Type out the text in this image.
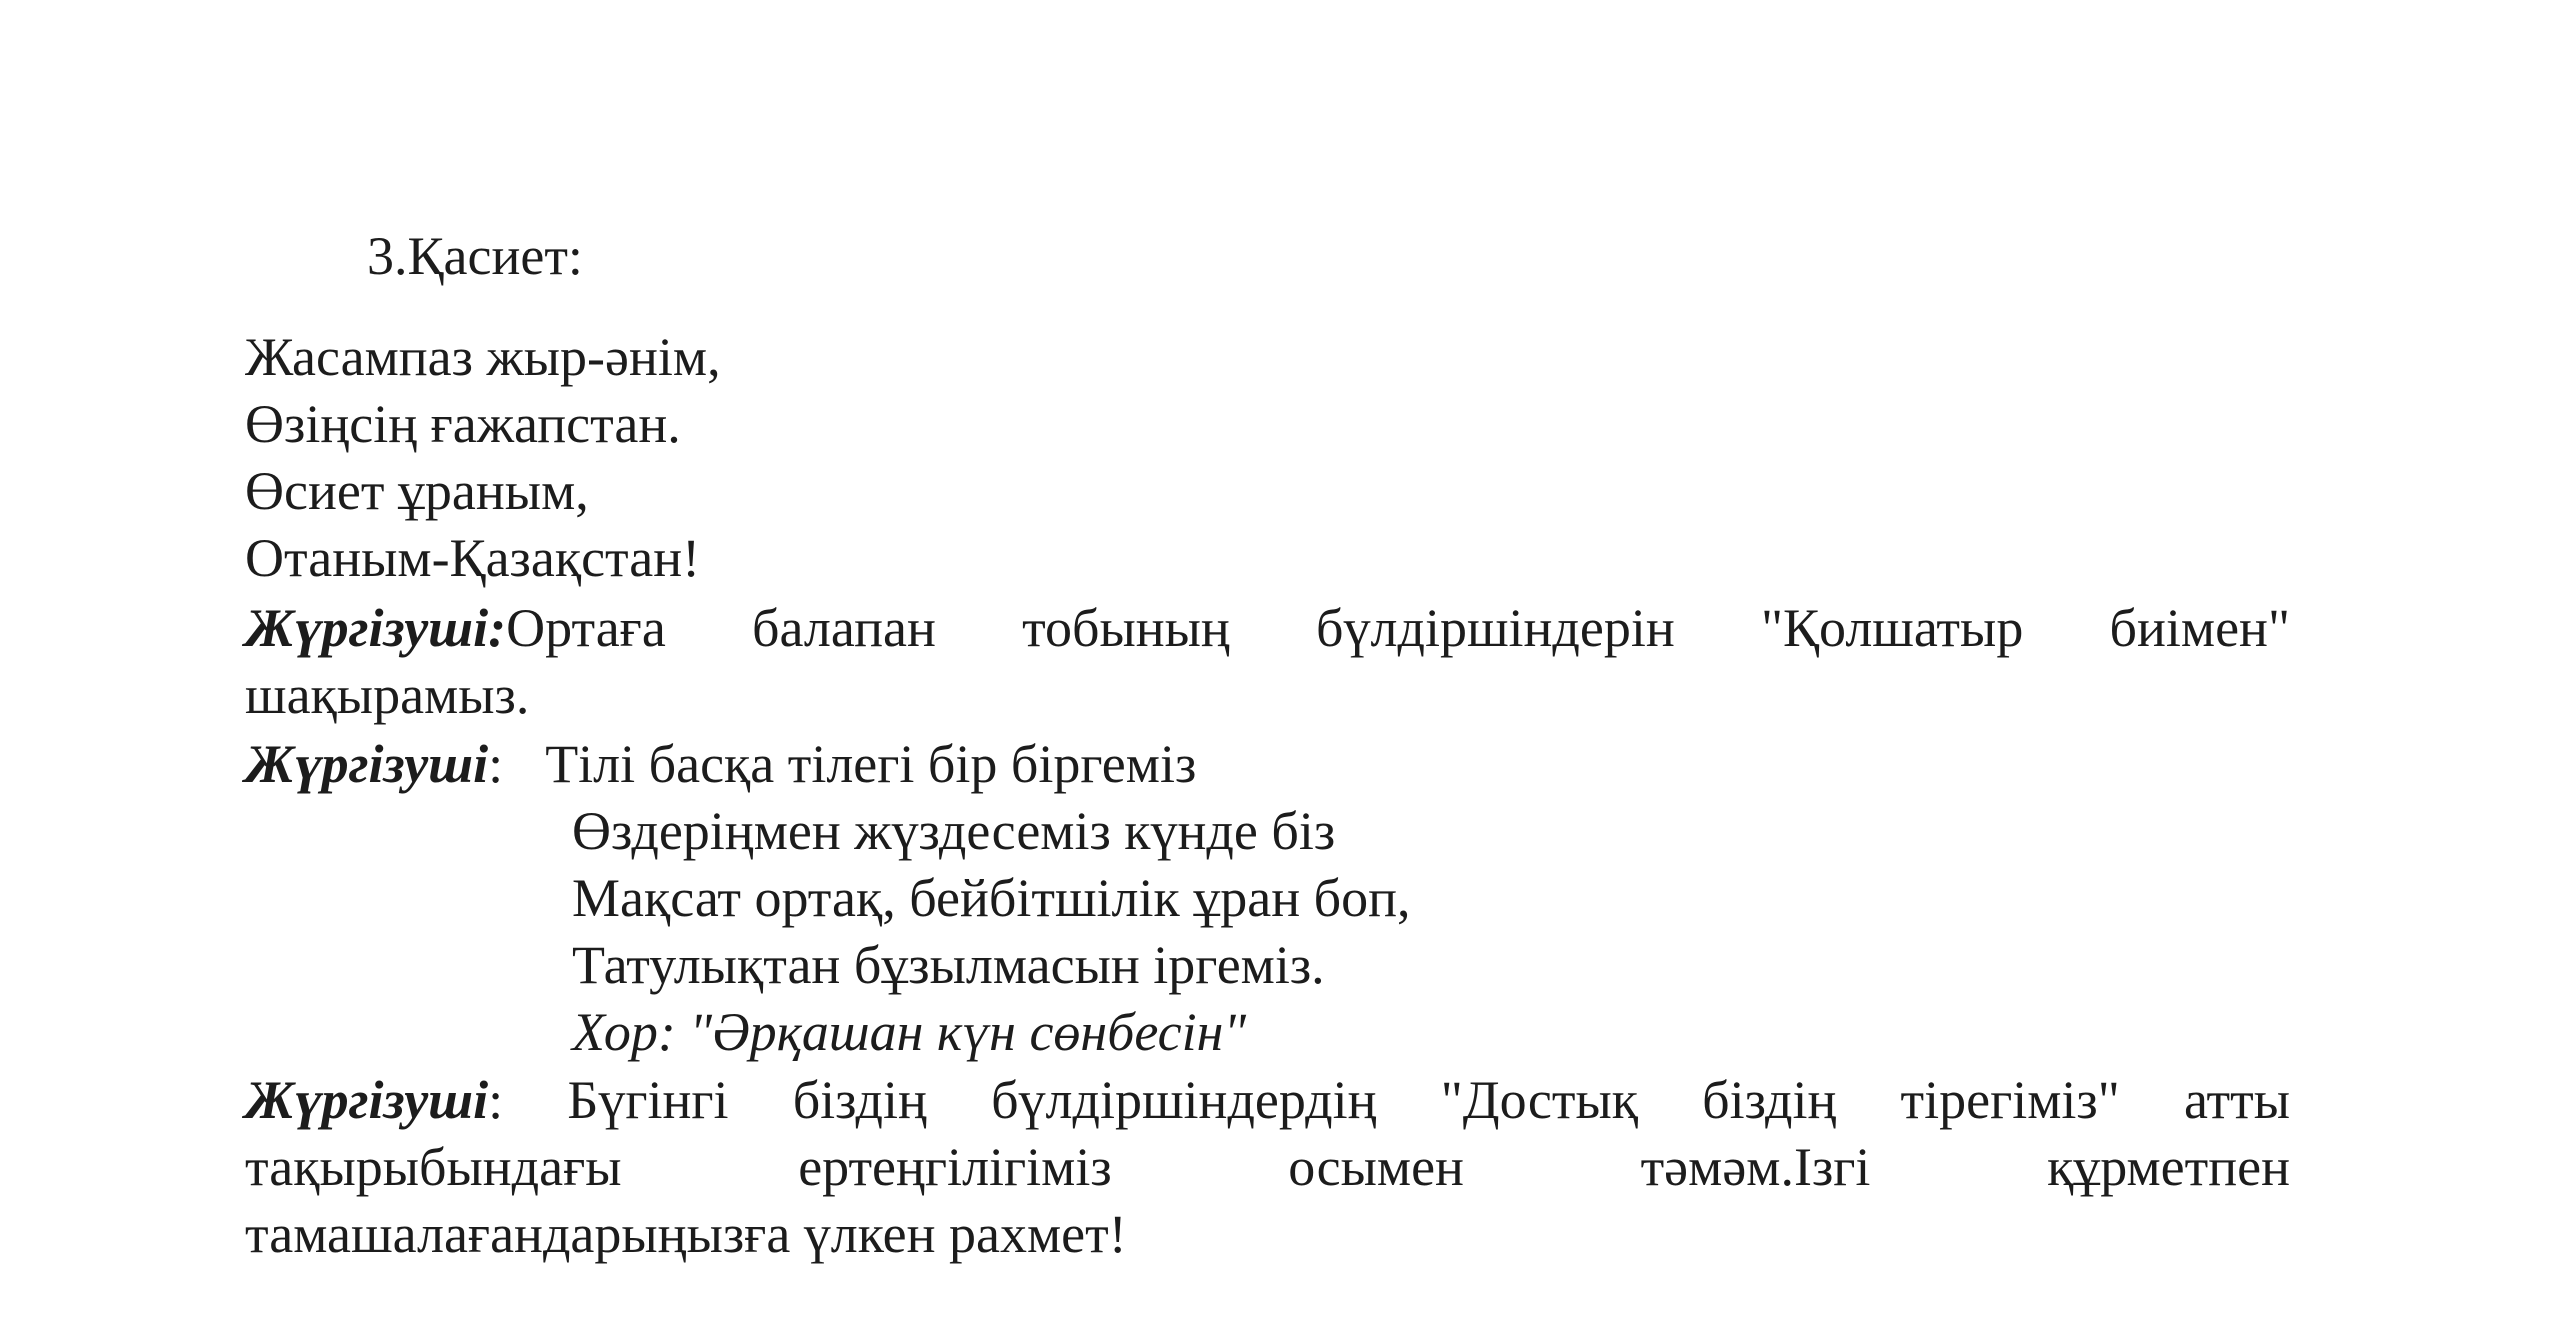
3.Қасиет:
Жасампаз жыр-әнім,
Өзіңсің ғажапстан.
Өсиет ұраным,
Отаным-Қазақстан!
Жүргізуші:Ортаға балапан тобының бүлдіршіндерін "Қолшатыр биімен"
шақырамыз.
Жүргізуші: Тілі басқа тілегі бір біргеміз
Өздеріңмен жүздесеміз күнде біз
Мақсат ортақ, бейбітшілік ұран боп,
Татулықтан бұзылмасын іргеміз.
Хор: "Әрқашан күн сөнбесін"
Жүргізуші: Бүгінгі біздің бүлдіршіндердің "Достық біздің тірегіміз" атты
тақырыбындағы ертеңгілігіміз осымен тәмәм.Ізгі құрметпен
тамашалағандарыңызға үлкен рахмет!
